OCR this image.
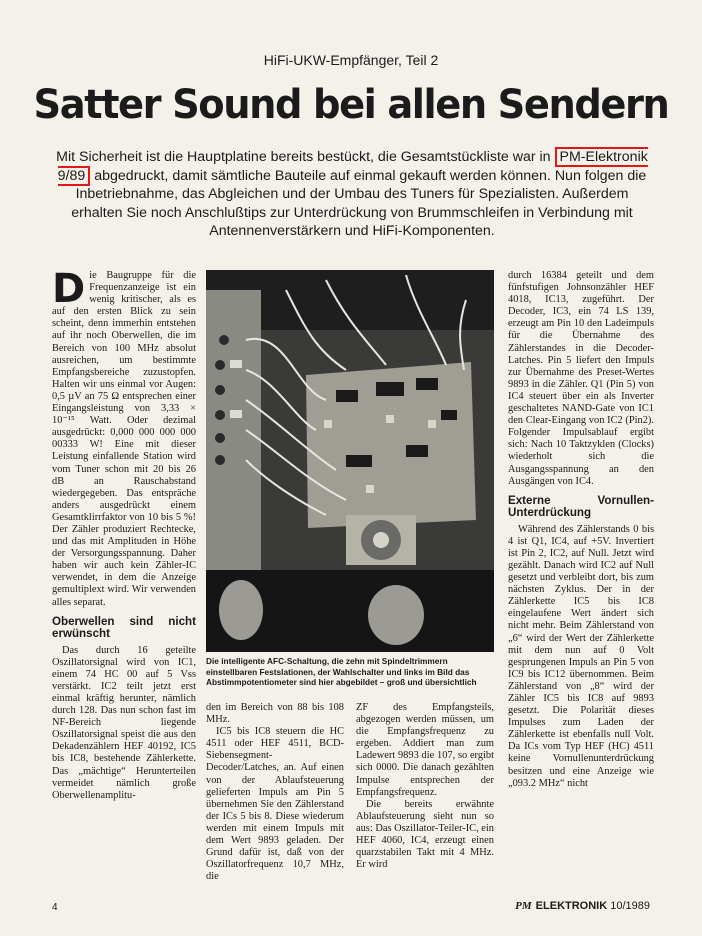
HiFi-UKW-Empfänger, Teil 2
Satter Sound bei allen Sendern
Mit Sicherheit ist die Hauptplatine bereits bestückt, die Gesamtstückliste war in PM-Elektronik 9/89 abgedruckt, damit sämtliche Bauteile auf einmal gekauft werden können. Nun folgen die Inbetriebnahme, das Abgleichen und der Umbau des Tuners für Spezialisten. Außerdem erhalten Sie noch Anschlußtips zur Unterdrückung von Brummschleifen in Verbindung mit Antennenverstärkern und HiFi-Komponenten.

Die Baugruppe für die Frequenzanzeige ist ein wenig kritischer, als es auf den ersten Blick zu sein scheint, denn immerhin entstehen auf ihr noch Oberwellen, die im Bereich von 100 MHz absolut ausreichen, um bestimmte Empfangsbereiche zuzustopfen. Halten wir uns einmal vor Augen: 0,5 µV an 75 Ω entsprechen einer Eingangsleistung von 3,33 × 10⁻¹⁵ Watt. Oder dezimal ausgedrückt: 0,000 000 000 000 00333 W! Eine mit dieser Leistung einfallende Station wird vom Tuner schon mit 20 bis 26 dB an Rauschabstand wiedergegeben. Das entspräche anders ausgedrückt einem Gesamtklirrfaktor von 10 bis 5 %! Der Zähler produziert Rechtecke, und das mit Amplituden in Höhe der Versorgungsspannung. Daher haben wir auch kein Zähler-IC verwendet, in dem die Anzeige gemultiplext wird. Wir verwenden alles separat.

Oberwellen sind nicht erwünscht

Das durch 16 geteilte Oszillatorsignal wird von IC1, einem 74 HC 00 auf 5 Vss verstärkt. IC2 teilt jetzt erst einmal kräftig herunter, nämlich durch 128. Das nun schon fast im NF-Bereich liegende Oszillatorsignal speist die aus den Dekadenzählern HEF 40192, IC5 bis IC8, bestehende Zählerkette. Das „mächtige“ Herunterteilen vermeidet nämlich große Oberwellenamplitu-

Die intelligente AFC-Schaltung, die zehn mit Spindeltrimmern einstellbaren Festslationen, der Wahlschalter und links im Bild das Abstimmpotentiometer sind hier abgebildet – groß und übersichtlich

den im Bereich von 88 bis 108 MHz.

IC5 bis IC8 steuern die HC 4511 oder HEF 4511, BCD-Siebensegment-Decoder/Latches, an. Auf einen von der Ablaufsteuerung gelieferten Impuls am Pin 5 übernehmen Sie den Zählerstand der ICs 5 bis 8. Diese wiederum werden mit einem Impuls mit dem Wert 9893 geladen. Der Grund dafür ist, daß von der Oszillatorfrequenz 10,7 MHz, die

ZF des Empfangsteils, abgezogen werden müssen, um die Empfangsfrequenz zu ergeben. Addiert man zum Ladewert 9893 die 107, so ergibt sich 0000. Die danach gezählten Impulse entsprechen der Empfangsfrequenz.

Die bereits erwähnte Ablaufsteuerung sieht nun so aus: Das Oszillator-Teiler-IC, ein HEF 4060, IC4, erzeugt einen quarzstabilen Takt mit 4 MHz. Er wird

durch 16384 geteilt und dem fünfstufigen Johnsonzähler HEF 4018, IC13, zugeführt. Der Decoder, IC3, ein 74 LS 139, erzeugt am Pin 10 den Ladeimpuls für die Übernahme des Zählerstandes in die Decoder-Latches. Pin 5 liefert den Impuls zur Übernahme des Preset-Wertes 9893 in die Zähler. Q1 (Pin 5) von IC4 steuert über ein als Inverter geschaltetes NAND-Gate von IC1 den Clear-Eingang von IC2 (Pin2). Folgender Impulsablauf ergibt sich: Nach 10 Taktzyklen (Clocks) wiederholt sich die Ausgangsspannung an den Ausgängen von IC4.

Externe Vornullen-Unterdrückung

Während des Zählerstands 0 bis 4 ist Q1, IC4, auf +5V. Invertiert ist Pin 2, IC2, auf Null. Jetzt wird gezählt. Danach wird IC2 auf Null gesetzt und verbleibt dort, bis zum nächsten Zyklus. Der in der Zählerkette IC5 bis IC8 eingelaufene Wert ändert sich nicht mehr. Beim Zählerstand von „6“ wird der Wert der Zählerkette mit dem nun auf 0 Volt gesprungenen Impuls an Pin 5 von IC9 bis IC12 übernommen. Beim Zählerstand von „8“ wird der Zähler IC5 bis IC8 auf 9893 gesetzt. Die Polarität dieses Impulses zum Laden der Zählerkette ist ebenfalls null Volt. Da ICs vom Typ HEF (HC) 4511 keine Vornullenunterdrückung besitzen und eine Anzeige wie „093.2 MHz“ nicht

4	PM ELEKTRONIK 10/1989
